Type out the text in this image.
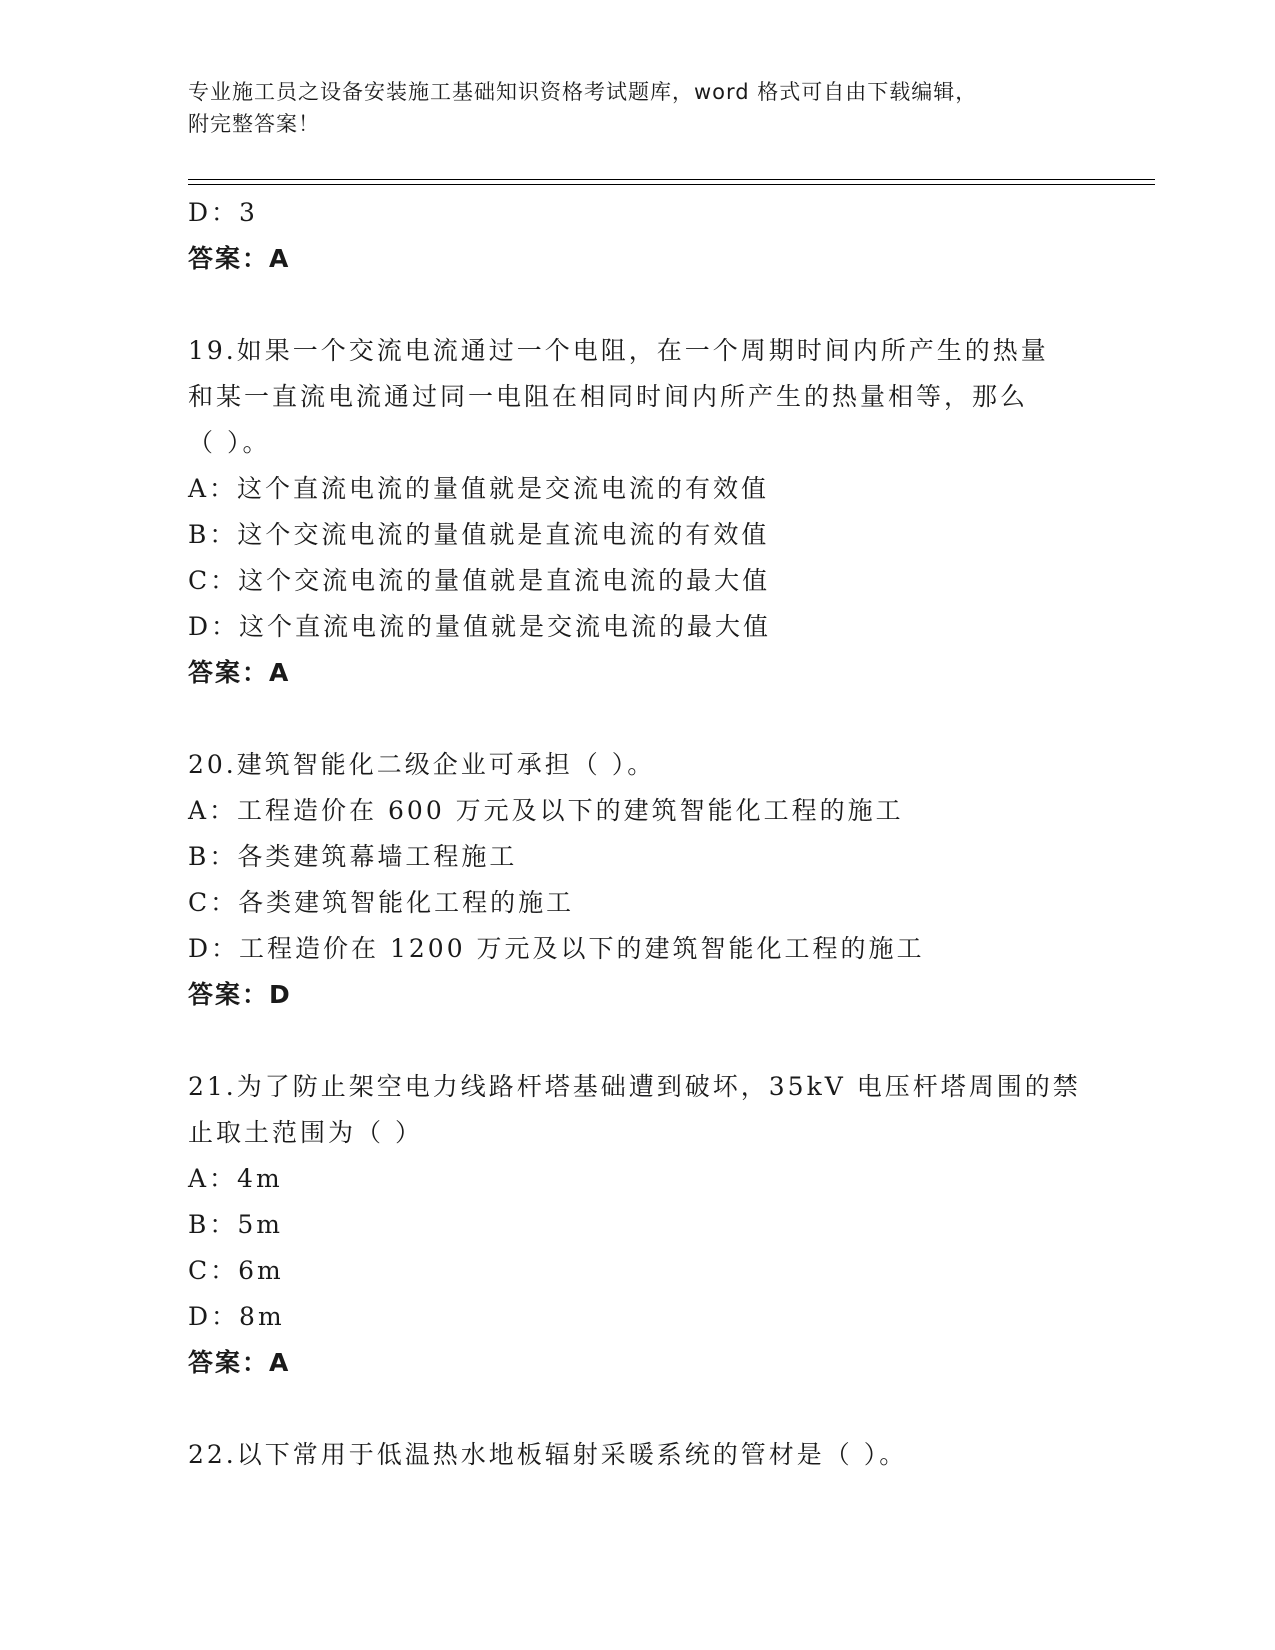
专业施工员之设备安装施工基础知识资格考试题库，word 格式可自由下载编辑，
附完整答案！
D：3
答案：A
19.如果一个交流电流通过一个电阻，在一个周期时间内所产生的热量
和某一直流电流通过同一电阻在相同时间内所产生的热量相等，那么
（ ）。
A：这个直流电流的量值就是交流电流的有效值
B：这个交流电流的量值就是直流电流的有效值
C：这个交流电流的量值就是直流电流的最大值
D：这个直流电流的量值就是交流电流的最大值
答案：A
20.建筑智能化二级企业可承担（ ）。
A：工程造价在 600 万元及以下的建筑智能化工程的施工
B：各类建筑幕墙工程施工
C：各类建筑智能化工程的施工
D：工程造价在 1200 万元及以下的建筑智能化工程的施工
答案：D
21.为了防止架空电力线路杆塔基础遭到破坏，35kV 电压杆塔周围的禁
止取土范围为（ ）
A：4m
B：5m
C：6m
D：8m
答案：A
22.以下常用于低温热水地板辐射采暖系统的管材是（ ）。
